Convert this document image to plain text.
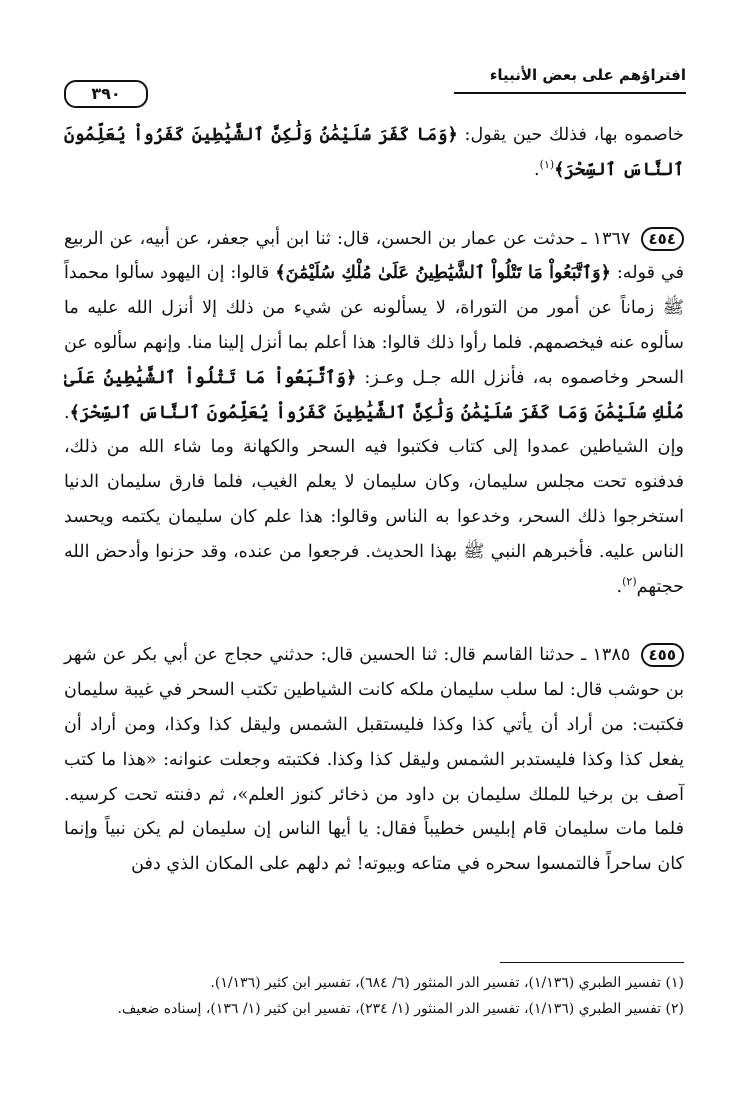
افتراؤهم على بعض الأنبياء
٣٩٠

خاصموه بها، فذلك حين يقول: ﴿وَمَا كَفَرَ سُلَيْمَٰنُ وَلَٰكِنَّ ٱلشَّيَٰطِينَ كَفَرُواْ يُعَلِّمُونَ ٱلنَّاسَ ٱلسِّحْرَ﴾$^{(١)}$.

٤٥٤ ١٣٦٧ ـ حدثت عن عمار بن الحسن، قال: ثنا ابن أبي جعفر، عن أبيه، عن الربيع في قوله: ﴿وَٱتَّبَعُواْ مَا تَتْلُواْ ٱلشَّيَٰطِينُ عَلَىٰ مُلْكِ سُلَيْمَٰنَ﴾ قالوا: إن اليهود سألوا محمداً ﷺ زماناً عن أمور من التوراة، لا يسألونه عن شيء من ذلك إلا أنزل الله عليه ما سألوه عنه فيخصمهم. فلما رأوا ذلك قالوا: هذا أعلم بما أنزل إلينا منا. وإنهم سألوه عن السحر وخاصموه به، فأنزل الله جـل وعـز: ﴿وَٱتَّبَعُواْ مَا تَتْلُواْ ٱلشَّيَٰطِينُ عَلَىٰ مُلْكِ سُلَيْمَٰنَ وَمَا كَفَرَ سُلَيْمَٰنُ وَلَٰكِنَّ ٱلشَّيَٰطِينَ كَفَرُواْ يُعَلِّمُونَ ٱلنَّاسَ ٱلسِّحْرَ﴾. وإن الشياطين عمدوا إلى كتاب فكتبوا فيه السحر والكهانة وما شاء الله من ذلك، فدفنوه تحت مجلس سليمان، وكان سليمان لا يعلم الغيب، فلما فارق سليمان الدنيا استخرجوا ذلك السحر، وخدعوا به الناس وقالوا: هذا علم كان سليمان يكتمه ويحسد الناس عليه. فأخبرهم النبي ﷺ بهذا الحديث. فرجعوا من عنده، وقد حزنوا وأدحض الله حجتهم$^{(٢)}$.

٤٥٥ ١٣٨٥ ـ حدثنا القاسم قال: ثنا الحسين قال: حدثني حجاج عن أبي بكر عن شهر بن حوشب قال: لما سلب سليمان ملكه كانت الشياطين تكتب السحر في غيبة سليمان فكتبت: من أراد أن يأتي كذا وكذا فليستقبل الشمس وليقل كذا وكذا، ومن أراد أن يفعل كذا وكذا فليستدبر الشمس وليقل كذا وكذا. فكتبته وجعلت عنوانه: «هذا ما كتب آصف بن برخيا للملك سليمان بن داود من ذخائر كنوز العلم»، ثم دفنته تحت كرسيه. فلما مات سليمان قام إبليس خطيباً فقال: يا أيها الناس إن سليمان لم يكن نبياً وإنما كان ساحراً فالتمسوا سحره في متاعه وبيوته! ثم دلهم على المكان الذي دفن

(١) تفسير الطبري (١/١٣٦)، تفسير الدر المنثور (٦/ ٦٨٤)، تفسير ابن كثير (١/١٣٦).

(٢) تفسير الطبري (١/١٣٦)، تفسير الدر المنثور (١/ ٢٣٤)، تفسير ابن كثير (١/ ١٣٦)، إسناده ضعيف.
